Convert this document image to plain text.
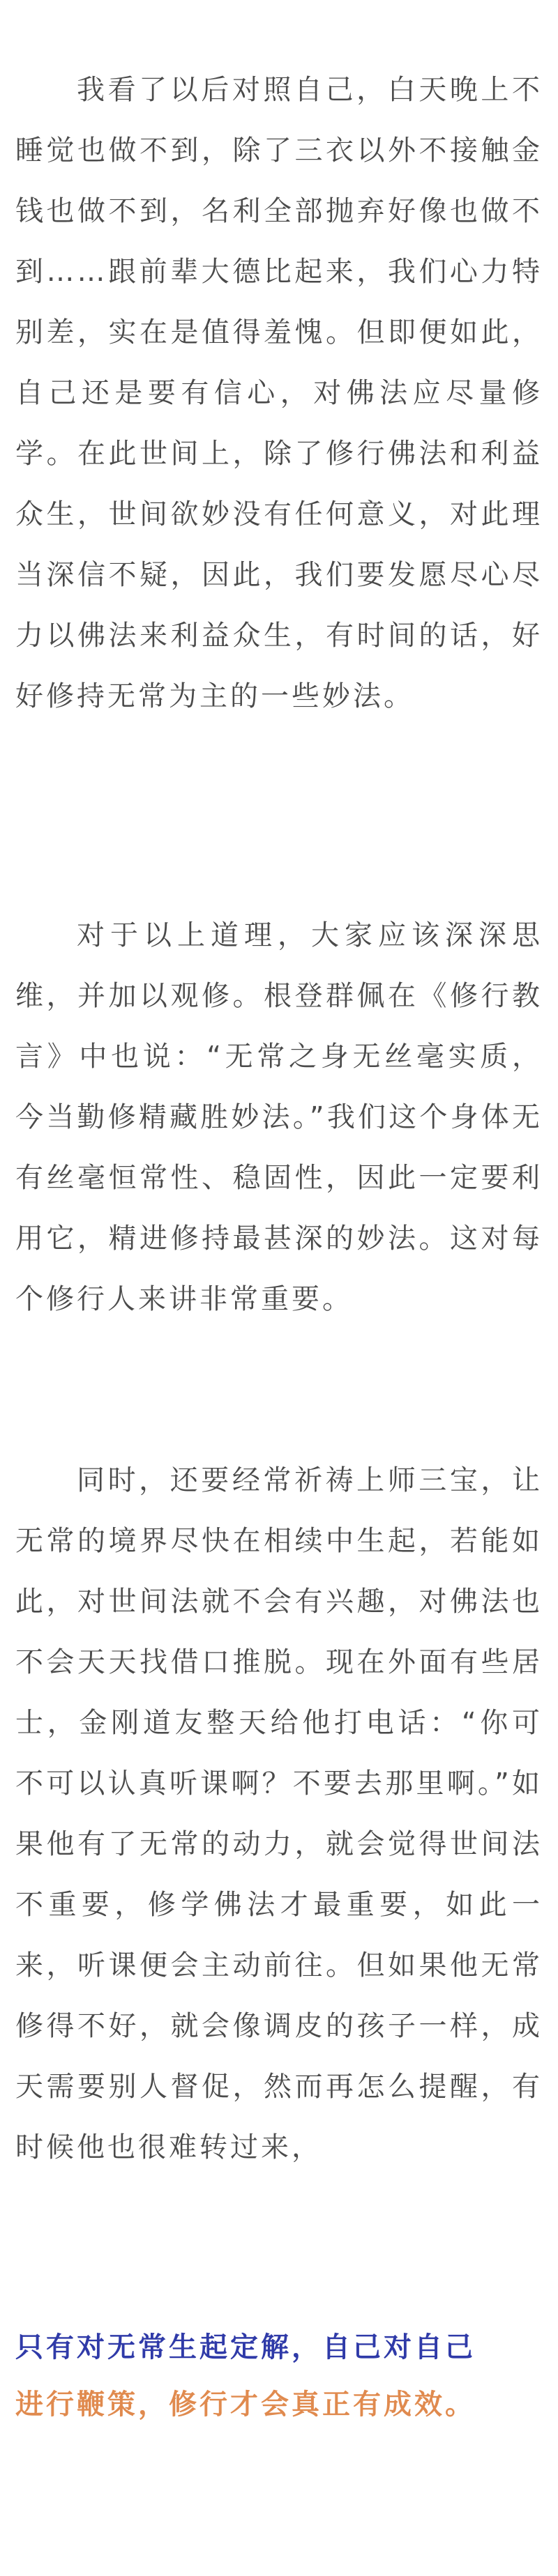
我看了以后对照自己，白天晚上不睡觉也做不到，除了三衣以外不接触金钱也做不到，名利全部抛弃好像也做不到……跟前辈大德比起来，我们心力特别差，实在是值得羞愧。但即便如此，自己还是要有信心，对佛法应尽量修学。在此世间上，除了修行佛法和利益众生，世间欲妙没有任何意义，对此理当深信不疑，因此，我们要发愿尽心尽力以佛法来利益众生，有时间的话，好好修持无常为主的一些妙法。

对于以上道理，大家应该深深思维，并加以观修。根登群佩在《修行教言》中也说：“无常之身无丝毫实质，今当勤修精藏胜妙法。”我们这个身体无有丝毫恒常性、稳固性，因此一定要利用它，精进修持最甚深的妙法。这对每个修行人来讲非常重要。

同时，还要经常祈祷上师三宝，让无常的境界尽快在相续中生起，若能如此，对世间法就不会有兴趣，对佛法也不会天天找借口推脱。现在外面有些居士，金刚道友整天给他打电话：“你可不可以认真听课啊？不要去那里啊。”如果他有了无常的动力，就会觉得世间法不重要，修学佛法才最重要，如此一来，听课便会主动前往。但如果他无常修得不好，就会像调皮的孩子一样，成天需要别人督促，然而再怎么提醒，有时候他也很难转过来，

只有对无常生起定解，自己对自己
进行鞭策，修行才会真正有成效。
